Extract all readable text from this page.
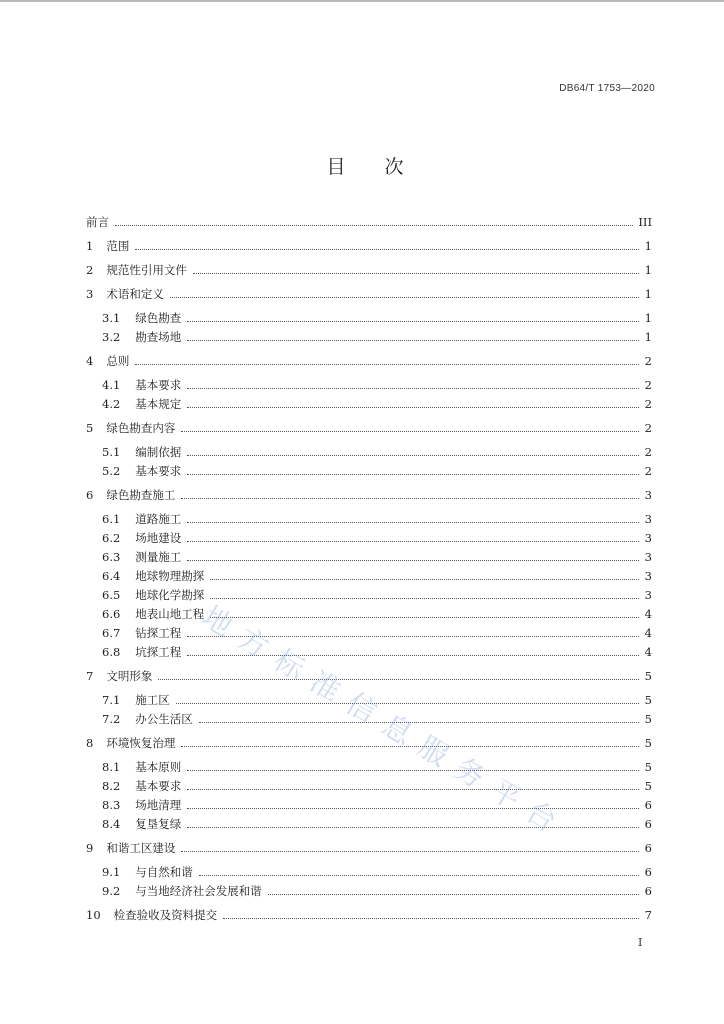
DB64/T 1753—2020
目　次
前言	III
1 范围	1
2 规范性引用文件	1
3 术语和定义	1
3.1 绿色勘查	1
3.2 勘查场地	1
4 总则	2
4.1 基本要求	2
4.2 基本规定	2
5 绿色勘查内容	2
5.1 编制依据	2
5.2 基本要求	2
6 绿色勘查施工	3
6.1 道路施工	3
6.2 场地建设	3
6.3 测量施工	3
6.4 地球物理勘探	3
6.5 地球化学勘探	3
6.6 地表山地工程	4
6.7 钻探工程	4
6.8 坑探工程	4
7 文明形象	5
7.1 施工区	5
7.2 办公生活区	5
8 环境恢复治理	5
8.1 基本原则	5
8.2 基本要求	5
8.3 场地清理	6
8.4 复垦复绿	6
9 和谐工区建设	6
9.1 与自然和谐	6
9.2 与当地经济社会发展和谐	6
10 检查验收及资料提交	7
I
地方标准信息服务平台
